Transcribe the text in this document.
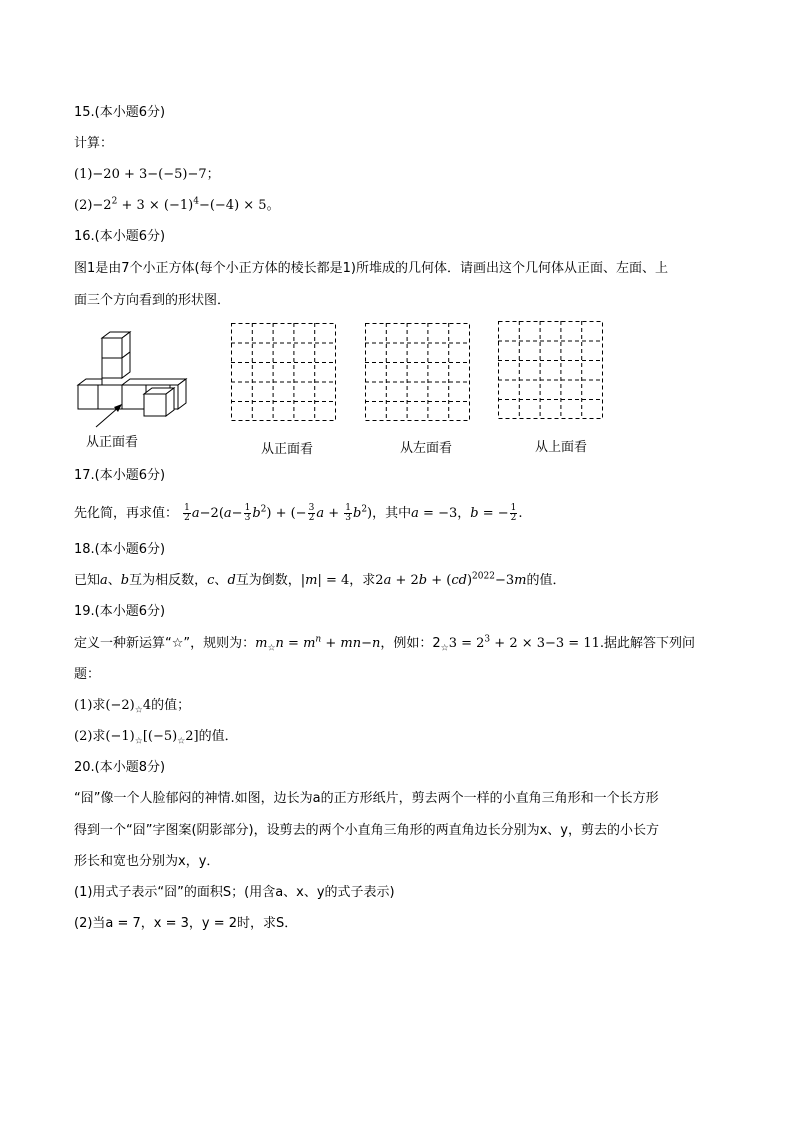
15.(本小题6分)
计算：
(1)−20 + 3−(−5)−7；
$(2)-2^2 + 3 \times (-1)^4-(-4) \times 5$。
16.(本小题6分)
图1是由7个小正方体(每个小正方体的棱长都是1)所堆成的几何体．请画出这个几何体从正面、左面、上
面三个方向看到的形状图．
从正面看	从正面看	从左面看	从上面看
17.(本小题6分)
先化简，再求值： $\frac{1}{2} a-2(a- \frac{1}{3} b^2)$ + (− $\frac{3}{2}$ $a + \frac{1}{3} b^2$)，其中a = −3，b = − $\frac{1}{2}$ .
18.(本小题6分)
已知a、b互为相反数，c、d互为倒数，|m| = 4，求2a + 2b + (cd)$^{2022}$−3m的值．
19.(本小题6分)
定义一种新运算“☆”，规则为：$m_☆n = m^n + mn-n$，例如：$2_☆3 = 2^3 + 2 \times 3-3 = 11$.据此解答下列问
题：
(1)求$(-2)_☆4$的值；
(2)求$(-1)_☆[(-5)_☆2]$的值．
20.(本小题8分)
“囧”像一个人脸郁闷的神情.如图，边长为a的正方形纸片，剪去两个一样的小直角三角形和一个长方形
得到一个“囧”字图案(阴影部分)，设剪去的两个小直角三角形的两直角边长分别为x、y，剪去的小长方
形长和宽也分别为x，y．
(1)用式子表示“囧”的面积S；(用含a、x、y的式子表示)
(2)当a = 7，x = 3，y = 2时，求S．
